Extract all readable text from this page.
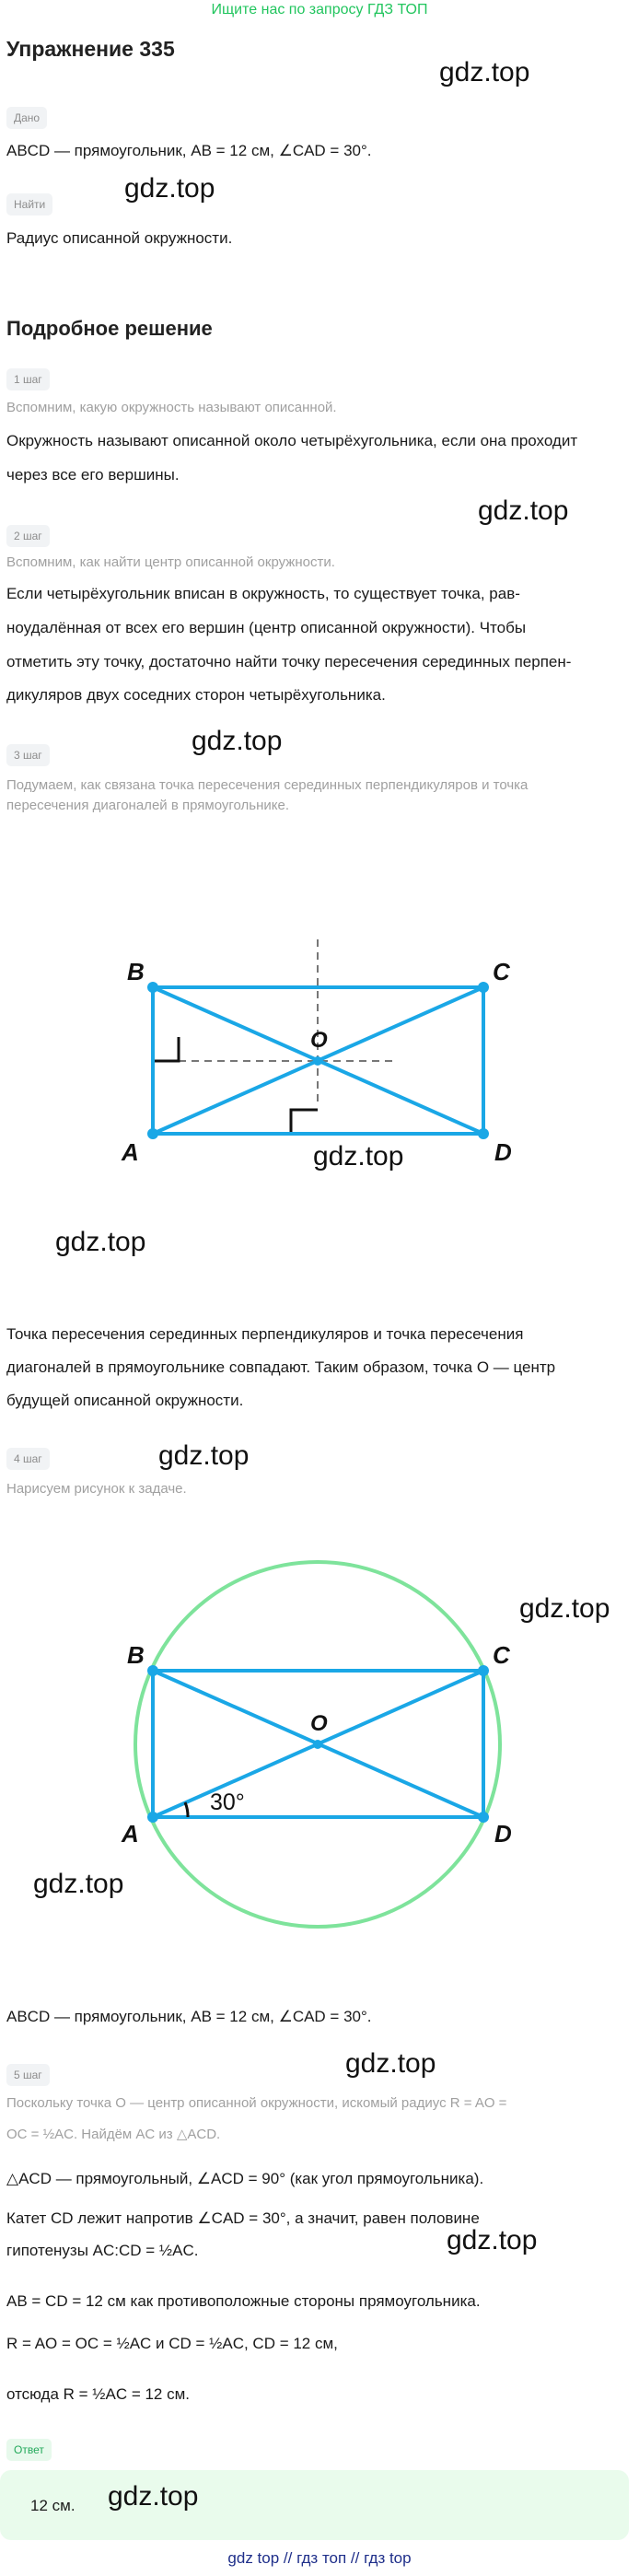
Ищите нас по запросу ГДЗ ТОП
Упражнение 335
gdz.top
Дано
ABCD — прямоугольник, AB = 12 см, ∠CAD = 30°.
Найти
gdz.top
Радиус описанной окружности.
Подробное решение
1 шаг
Вспомним, какую окружность называют описанной.
Окружность называют описанной около четырёхугольника, если она проходит
через все его вершины.
gdz.top
2 шаг
Вспомним, как найти центр описанной окружности.
Если четырёхугольник вписан в окружность, то существует точка, рав-
ноудалённая от всех его вершин (центр описанной окружности). Чтобы
отметить эту точку, достаточно найти точку пересечения серединных перпен-
дикуляров двух соседних сторон четырёхугольника.
gdz.top
3 шаг
Подумаем, как связана точка пересечения серединных перпендикуляров и точка
пересечения диагоналей в прямоугольнике.
B	C
A	D
O
gdz.top
gdz.top
Точка пересечения серединных перпендикуляров и точка пересечения
диагоналей в прямоугольнике совпадают. Таким образом, точка O — центр
будущей описанной окружности.
4 шаг	gdz.top
Нарисуем рисунок к задаче.
B	C
A	D
O
30°
gdz.top
gdz.top
ABCD — прямоугольник, AB = 12 см, ∠CAD = 30°.
gdz.top
5 шаг
Поскольку точка O — центр описанной окружности, искомый радиус R = AO =
OC = ½AC. Найдём AC из △ACD.
△ACD — прямоугольный, ∠ACD = 90° (как угол прямоугольника).
Катет CD лежит напротив ∠CAD = 30°, а значит, равен половине
гипотенузы AC:CD = ½AC.	gdz.top
AB = CD = 12 см как противоположные стороны прямоугольника.
R = AO = OC = ½AC и CD = ½AC, CD = 12 см,
отсюда R = ½AC = 12 см.
Ответ
12 см. gdz.top
gdz top // гдз топ // гдз top
